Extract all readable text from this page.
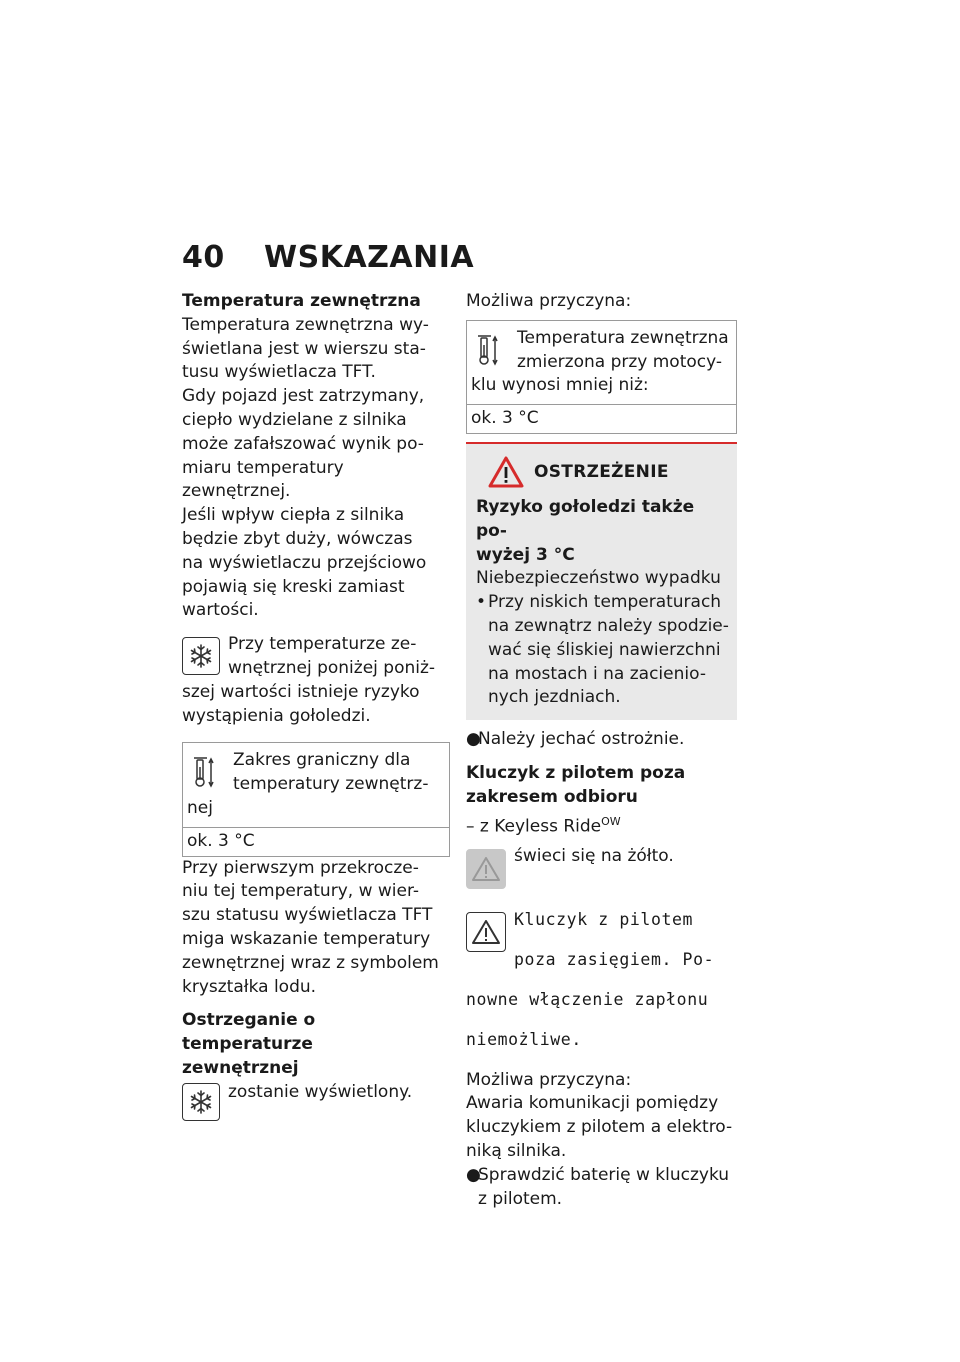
40	WSKAZANIA

Temperatura zewnętrzna

Temperatura zewnętrzna wy-

świetlana jest w wierszu sta-

tusu wyświetlacza TFT.

Gdy pojazd jest zatrzymany,

ciepło wydzielane z silnika

może zafałszować wynik po-

miaru temperatury zewnętrznej.

Jeśli wpływ ciepła z silnika

będzie zbyt duży, wówczas

na wyświetlaczu przejściowo

pojawią się kreski zamiast

wartości.

Przy temperaturze ze-

wnętrznej poniżej poniż-

szej wartości istnieje ryzyko

wystąpienia gołoledzi.

Zakres graniczny dla

temperatury zewnętrz-

nej

ok. 3 °C

Przy pierwszym przekrocze-

niu tej temperatury, w wier-

szu statusu wyświetlacza TFT

miga wskazanie temperatury

zewnętrznej wraz z symbolem

kryształka lodu.

Ostrzeganie o temperaturze

zewnętrznej

zostanie wyświetlony.

Możliwa przyczyna:

Temperatura zewnętrzna

zmierzona przy motocy-

klu wynosi mniej niż:

ok. 3 °C

OSTRZEŻENIE

Ryzyko gołoledzi także po-

wyżej 3 °C

Niebezpieczeństwo wypadku

• Przy niskich temperaturach

na zewnątrz należy spodzie-

wać się śliskiej nawierzchni

na mostach i na zacienio-

nych jezdniach.

●

Należy jechać ostrożnie.

Kluczyk z pilotem poza

zakresem odbioru

– z Keyless Ride$^{OW}$

świeci się na żółto.

Kluczyk z pilotem

poza zasięgiem. Po-

nowne włączenie zapłonu

niemożliwe.

Możliwa przyczyna:

Awaria komunikacji pomiędzy

kluczykiem z pilotem a elektro-

niką silnika.

●

Sprawdzić baterię w kluczyku

z pilotem.
